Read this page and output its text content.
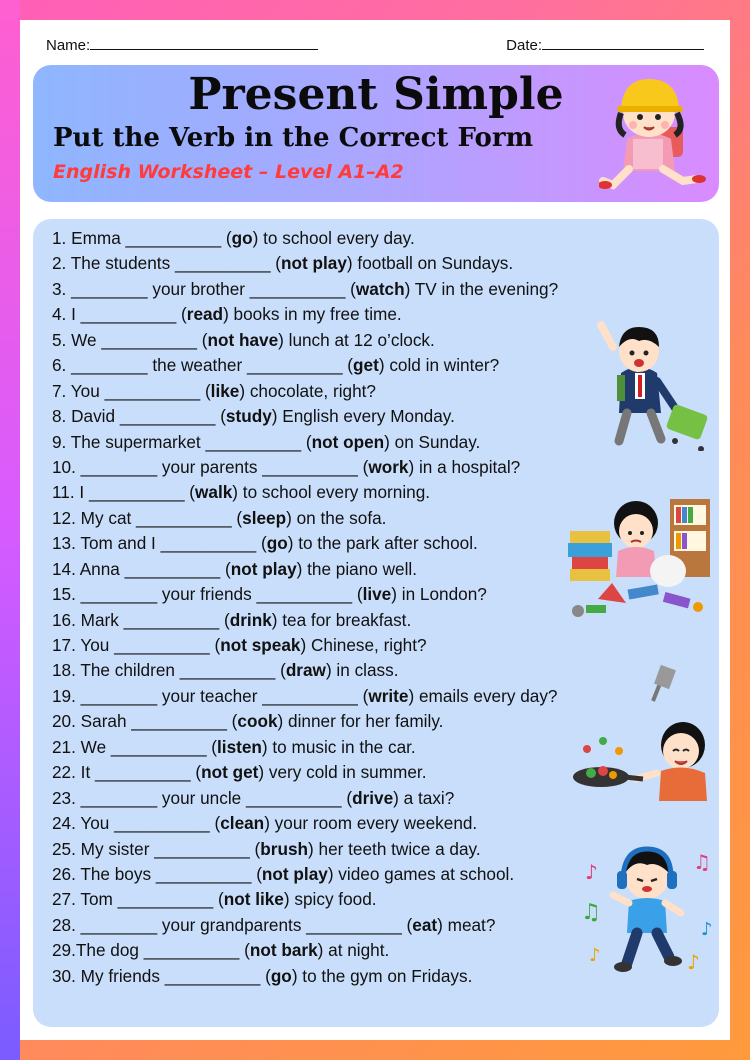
Name:	Date:
Present Simple
Put the Verb in the Correct Form
English Worksheet – Level A1–A2
1. Emma __________ (go) to school every day.
2. The students __________ (not play) football on Sundays.
3. ________ your brother __________ (watch) TV in the evening?
4. I __________ (read) books in my free time.
5. We __________ (not have) lunch at 12 o’clock.
6. ________ the weather __________ (get) cold in winter?
7. You __________ (like) chocolate, right?
8. David __________ (study) English every Monday.
9. The supermarket __________ (not open) on Sunday.
10. ________ your parents __________ (work) in a hospital?
11. I __________ (walk) to school every morning.
12. My cat __________ (sleep) on the sofa.
13. Tom and I __________ (go) to the park after school.
14. Anna __________ (not play) the piano well.
15. ________ your friends __________ (live) in London?
16. Mark __________ (drink) tea for breakfast.
17. You __________ (not speak) Chinese, right?
18. The children __________ (draw) in class.
19. ________ your teacher __________ (write) emails every day?
20. Sarah __________ (cook) dinner for her family.
21. We __________ (listen) to music in the car.
22. It __________ (not get) very cold in summer.
23. ________ your uncle __________ (drive) a taxi?
24. You __________ (clean) your room every weekend.
25. My sister __________ (brush) her teeth twice a day.
26. The boys __________ (not play) video games at school.
27. Tom __________ (not like) spicy food.
28. ________ your grandparents __________ (eat) meat?
29.The dog __________ (not bark) at night.
30. My friends __________ (go) to the gym on Fridays.
♪	♫
♫
♪
♪	♪
